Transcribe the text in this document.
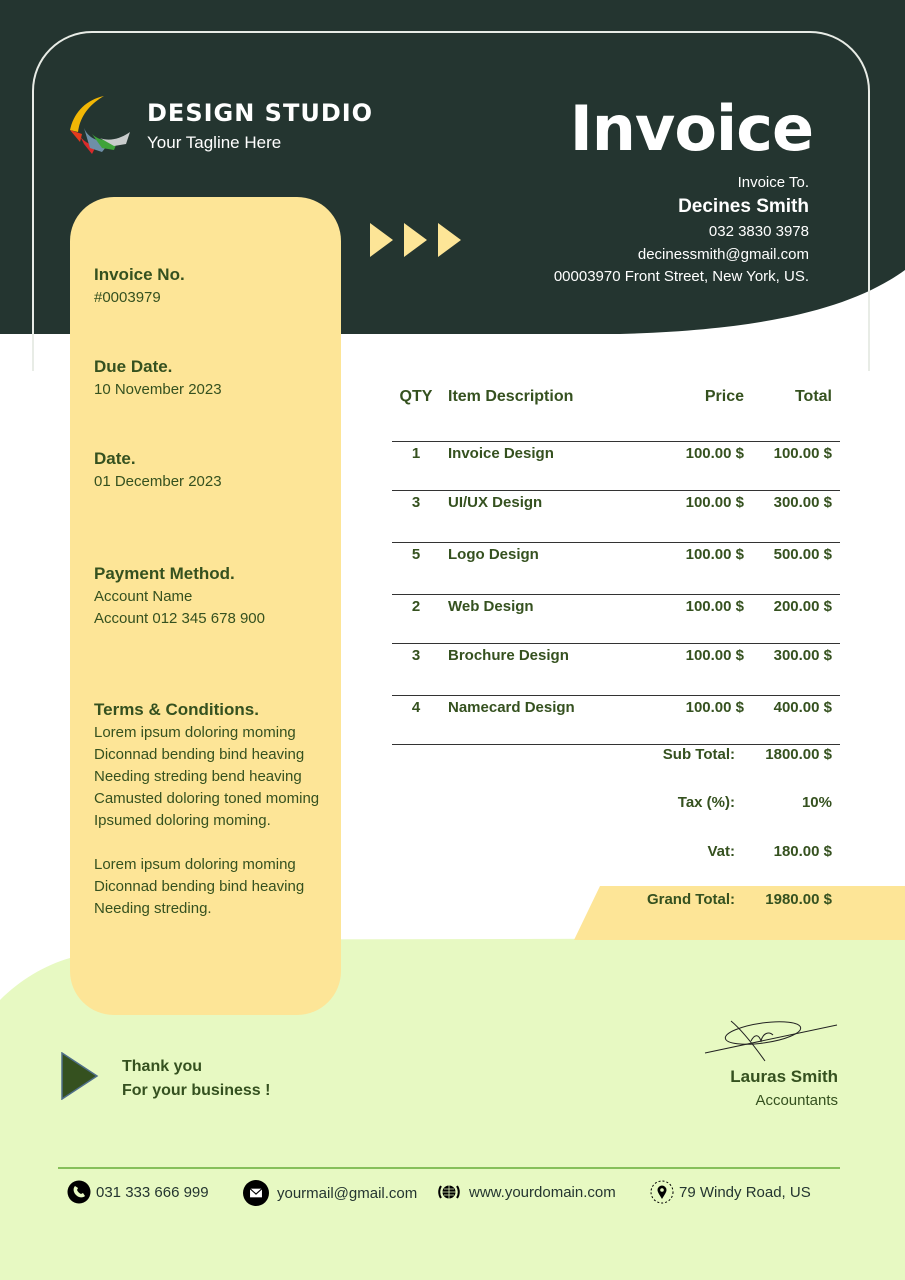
DESIGN STUDIO
Your Tagline Here	Invoice
Invoice To.
Decines Smith
032 3830 3978
decinessmith@gmail.com
00003970 Front Street, New York, US.
Invoice No.
#0003979
Due Date.
10 November 2023
Date.
01 December 2023
Payment Method.
Account Name
Account 012 345 678 900
Terms & Conditions.
Lorem ipsum doloring moming
Diconnad bending bind heaving
Needing streding bend heaving
Camusted doloring toned moming
Ipsumed doloring moming.
Lorem ipsum doloring moming
Diconnad bending bind heaving
Needing streding.
QTY Item Description	Price	Total
1	Invoice Design	100.00 $ 100.00 $
3	UI/UX Design	100.00 $ 300.00 $
5	Logo Design	100.00 $ 500.00 $
2	Web Design	100.00 $ 200.00 $
3	Brochure Design	100.00 $ 300.00 $
4	Namecard Design	100.00 $ 400.00 $
Sub Total: 1800.00 $
Tax (%):	10%
Vat:	180.00 $
Grand Total: 1980.00 $
Thank you
For your business !
Lauras Smith
Accountants
031 333 666 999	yourmail@gmail.com	www.yourdomain.com	79 Windy Road, US
